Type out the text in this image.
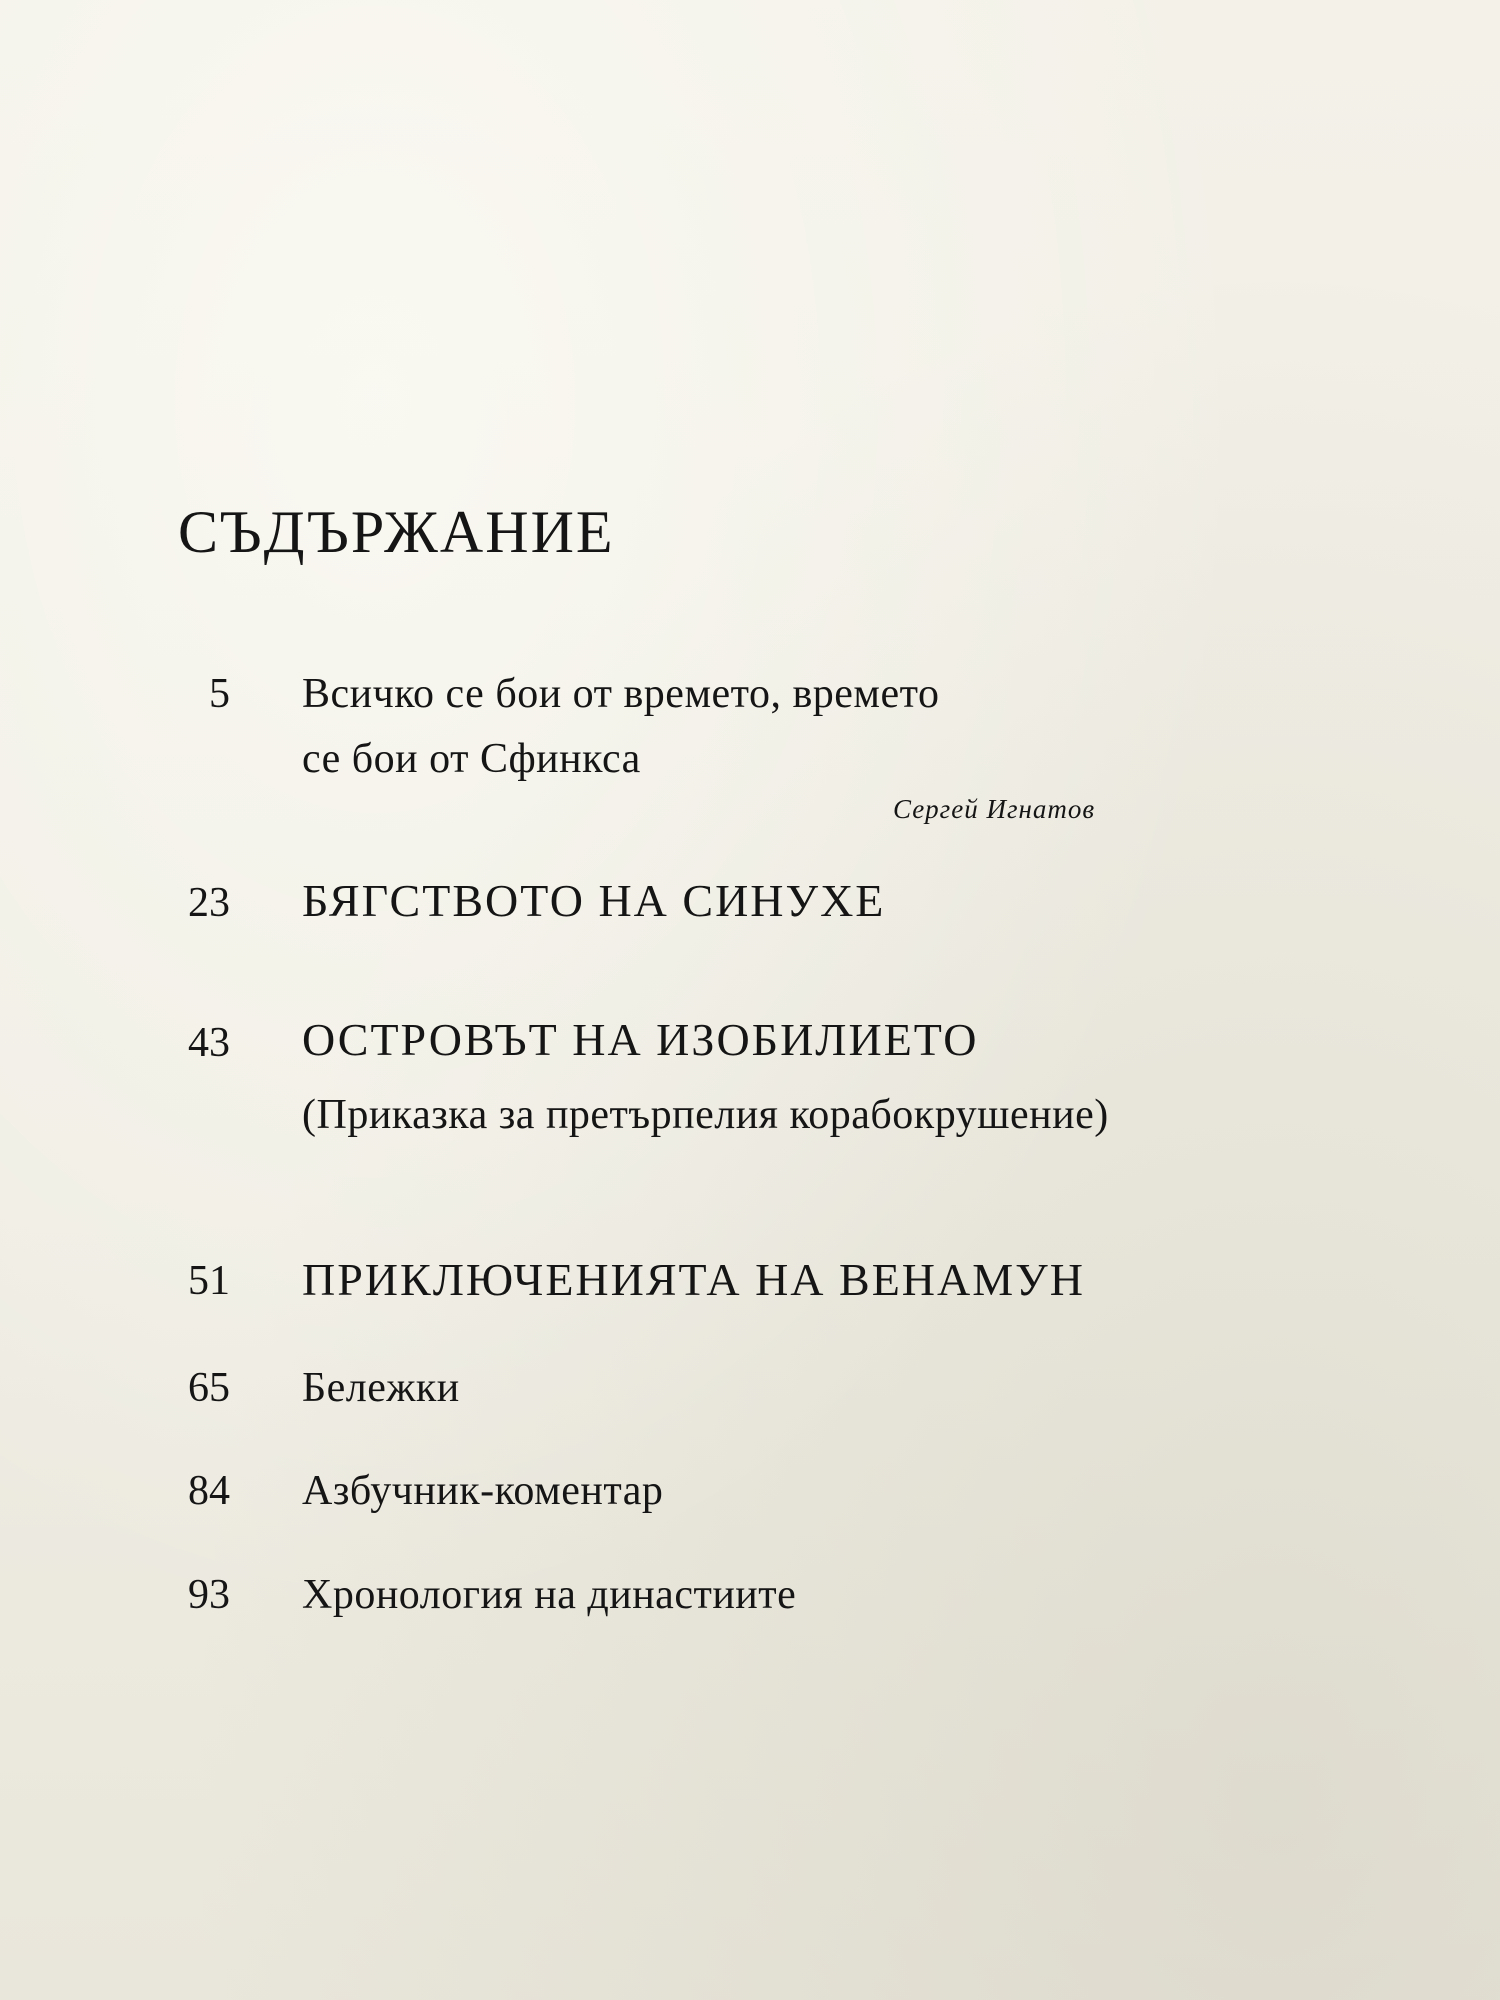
СЪДЪРЖАНИЕ
5 Всичко се бои от времето, времето
се бои от Сфинкса
Сергей Игнатов
23 БЯГСТВОТО НА СИНУХЕ
43 ОСТРОВЪТ НА ИЗОБИЛИЕТО
(Приказка за претърпелия корабокрушение)
51 ПРИКЛЮЧЕНИЯТА НА ВЕНАМУН
65 Бележки
84 Азбучник-коментар
93 Хронология на династиите
